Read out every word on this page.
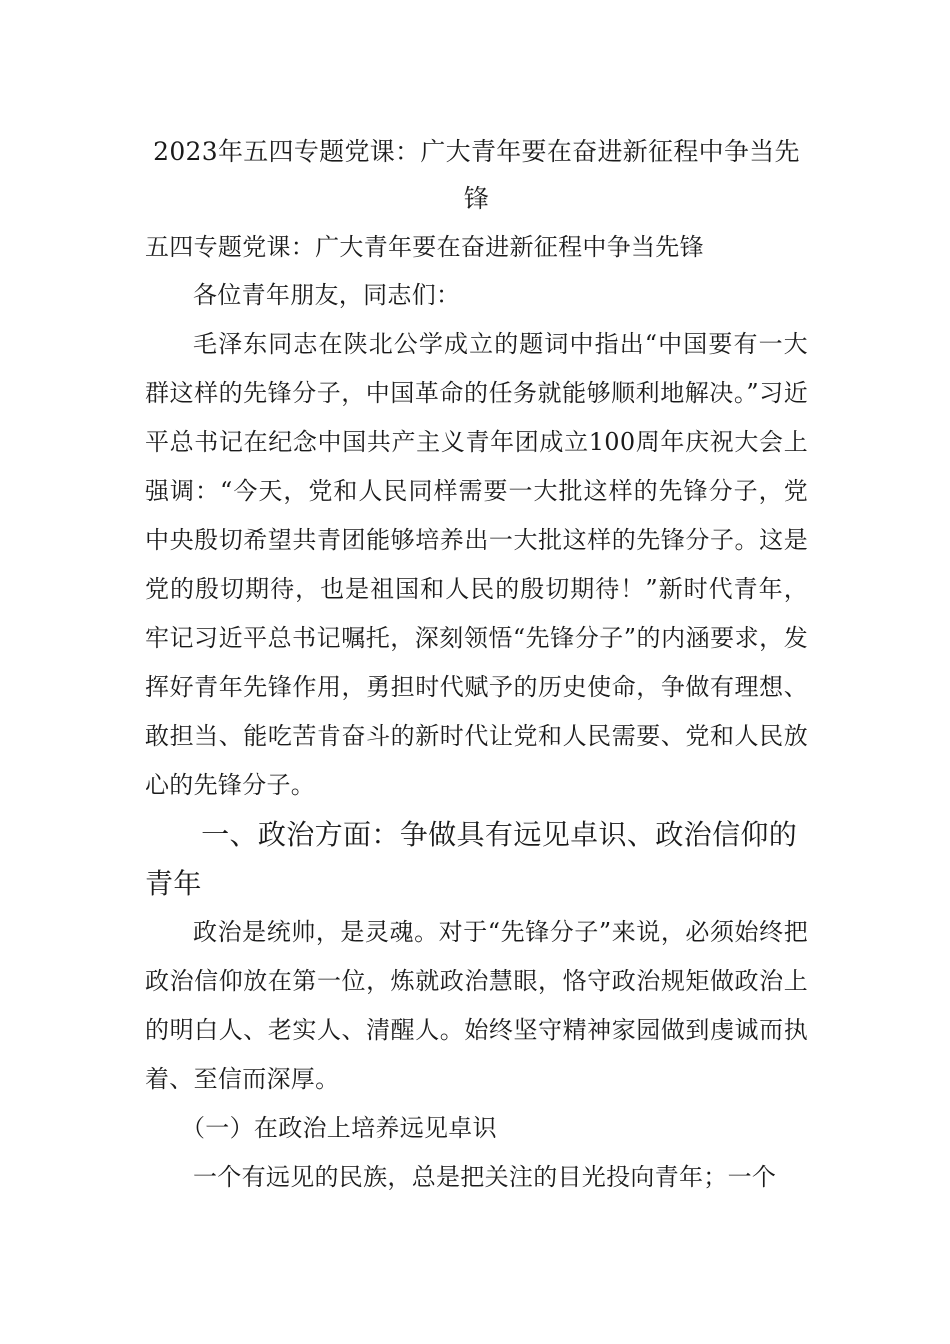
2023年五四专题党课：广大青年要在奋进新征程中争当先锋
五四专题党课：广大青年要在奋进新征程中争当先锋

各位青年朋友，同志们：

毛泽东同志在陕北公学成立的题词中指出“中国要有一大群这样的先锋分子，中国革命的任务就能够顺利地解决。”习近平总书记在纪念中国共产主义青年团成立100周年庆祝大会上强调：“今天，党和人民同样需要一大批这样的先锋分子，党中央殷切希望共青团能够培养出一大批这样的先锋分子。这是党的殷切期待，也是祖国和人民的殷切期待！”新时代青年，牢记习近平总书记嘱托，深刻领悟“先锋分子”的内涵要求，发挥好青年先锋作用，勇担时代赋予的历史使命，争做有理想、敢担当、能吃苦肯奋斗的新时代让党和人民需要、党和人民放心的先锋分子。

一、政治方面：争做具有远见卓识、政治信仰的青年

政治是统帅，是灵魂。对于“先锋分子”来说，必须始终把政治信仰放在第一位，炼就政治慧眼，恪守政治规矩做政治上的明白人、老实人、清醒人。始终坚守精神家园做到虔诚而执着、至信而深厚。

（一）在政治上培养远见卓识

一个有远见的民族，总是把关注的目光投向青年；一个
